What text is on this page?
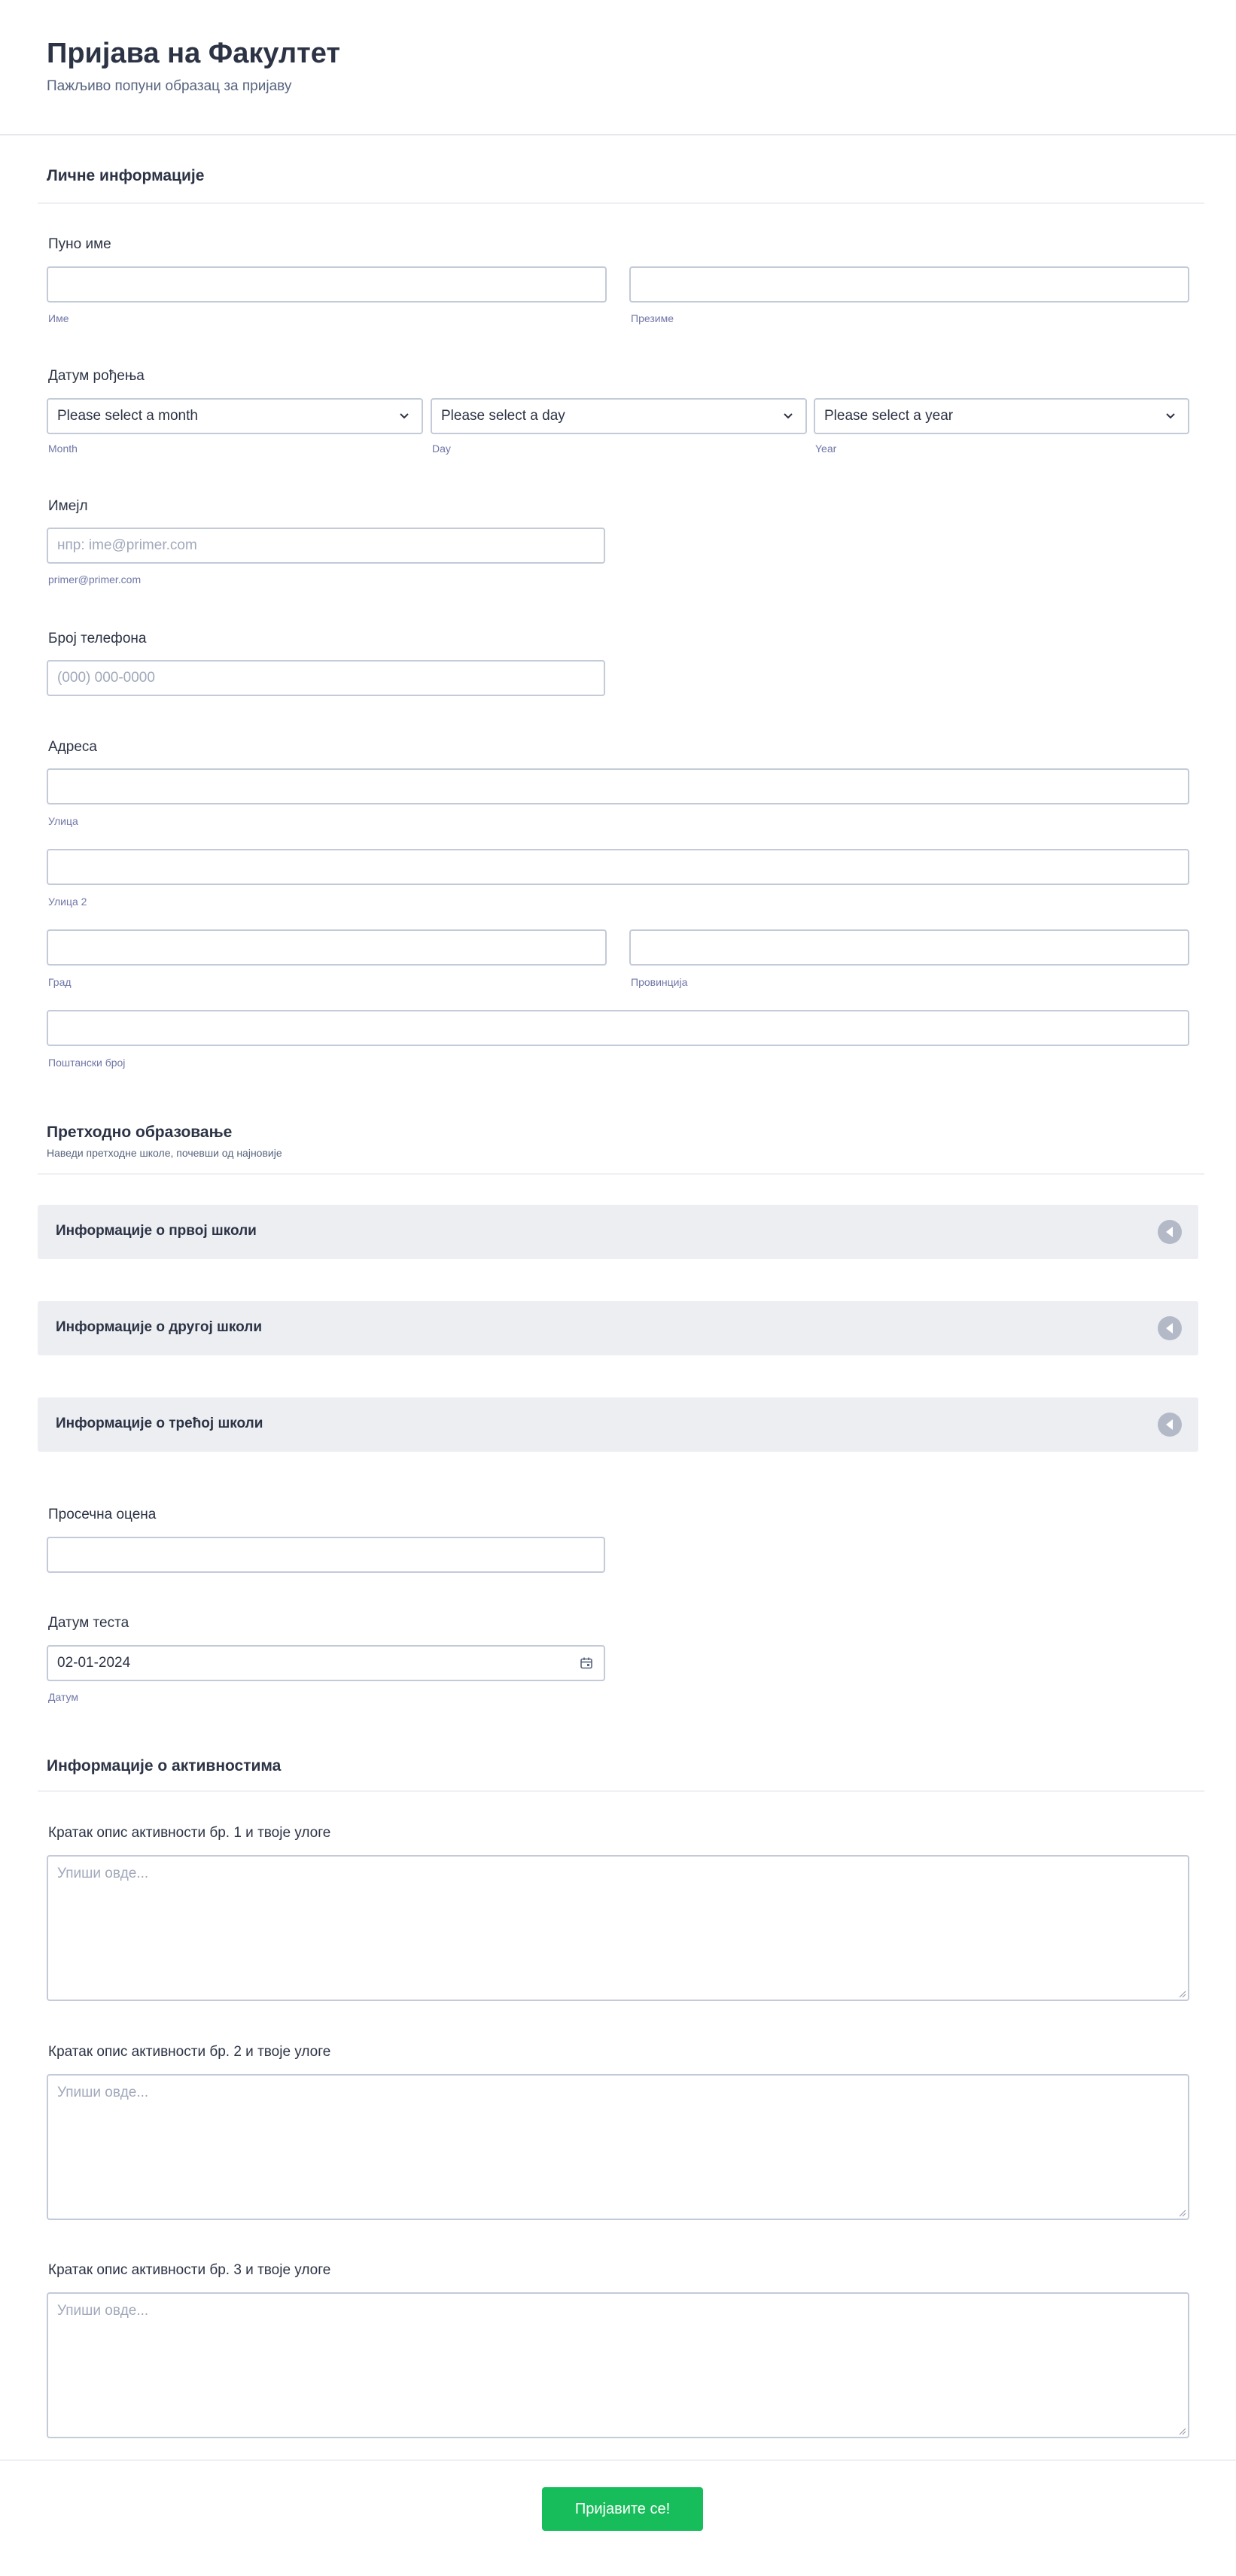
Пријава на Факултет
Пажљиво попуни образац за пријаву
Личне информације
Пуно име
Име	Презиме
Датум рођења
Please select a month	Please select a day	Please select a year
Month	Day	Year
Имејл
нпр: ime@primer.com
primer@primer.com
Број телефона
(000) 000-0000
Адреса
Улица
Улица 2
Град	Провинција
Поштански број
Претходно образовање
Наведи претходне школе, почевши од најновије
Информације о првој школи
Информације о другој школи
Информације о трећој школи
Просечна оцена
Датум теста
02-01-2024
Датум
Информације о активностима
Кратак опис активности бр. 1 и твоје улоге
Упиши овде...
Кратак опис активности бр. 2 и твоје улоге
Упиши овде...
Кратак опис активности бр. 3 и твоје улоге
Упиши овде...
Пријавите се!
